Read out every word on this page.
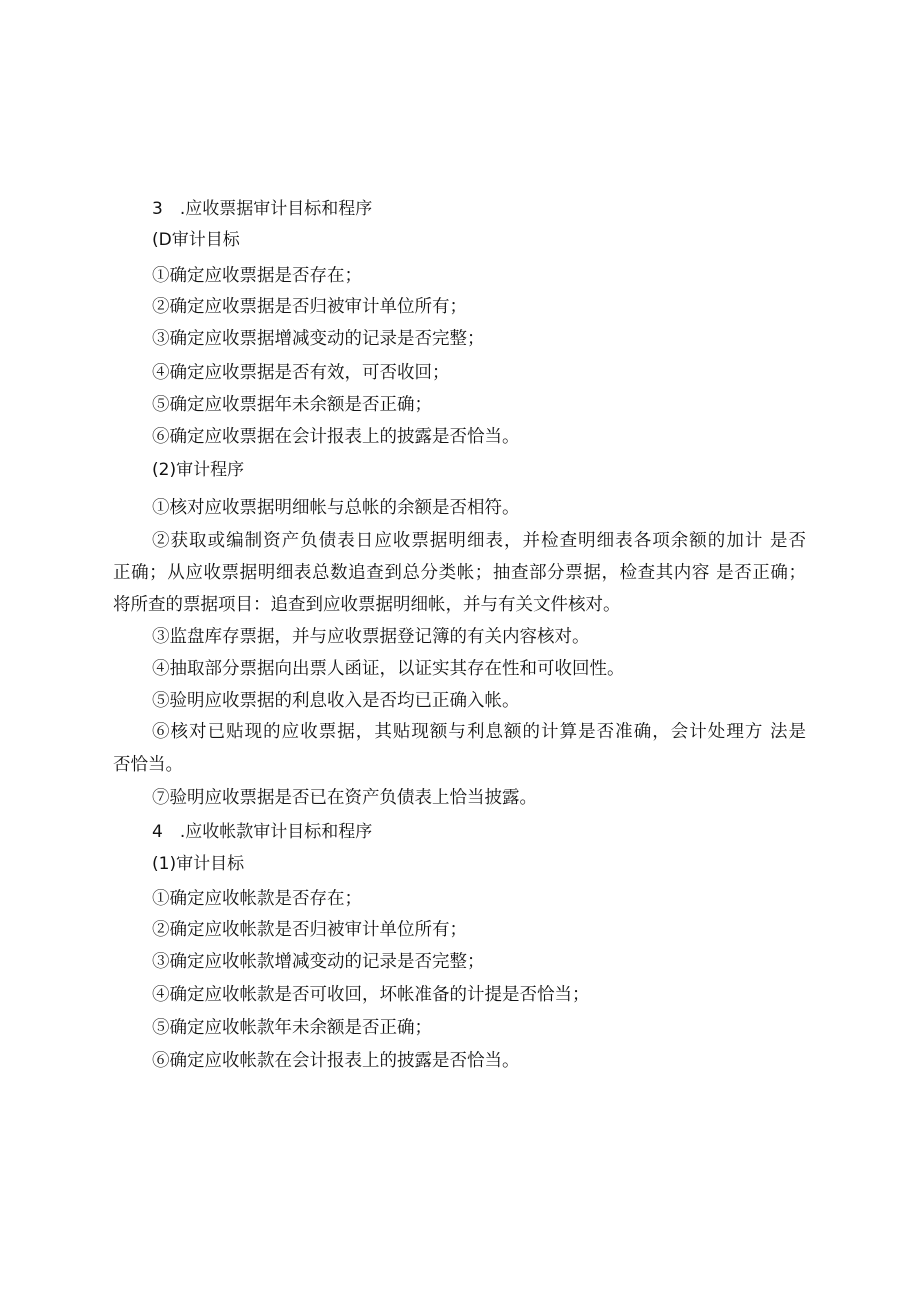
3　.应收票据审计目标和程序
(D审计目标
①确定应收票据是否存在；
②确定应收票据是否归被审计单位所有；
③确定应收票据增减变动的记录是否完整；
④确定应收票据是否有效，可否收回；
⑤确定应收票据年未余额是否正确；
⑥确定应收票据在会计报表上的披露是否恰当。
(2)审计程序
①核对应收票据明细帐与总帐的余额是否相符。
②获取或编制资产负债表日应收票据明细表，并检查明细表各项余额的加计 是否
正确；从应收票据明细表总数追查到总分类帐；抽查部分票据，检查其内容 是否正确；
将所查的票据项目：追查到应收票据明细帐，并与有关文件核对。
③监盘库存票据，并与应收票据登记簿的有关内容核对。
④抽取部分票据向出票人函证，以证实其存在性和可收回性。
⑤验明应收票据的利息收入是否均已正确入帐。
⑥核对已贴现的应收票据，其贴现额与利息额的计算是否准确，会计处理方 法是
否恰当。
⑦验明应收票据是否已在资产负债表上恰当披露。
4　.应收帐款审计目标和程序
(1)审计目标
①确定应收帐款是否存在；
②确定应收帐款是否归被审计单位所有；
③确定应收帐款增减变动的记录是否完整；
④确定应收帐款是否可收回，坏帐准备的计提是否恰当；
⑤确定应收帐款年未余额是否正确；
⑥确定应收帐款在会计报表上的披露是否恰当。
